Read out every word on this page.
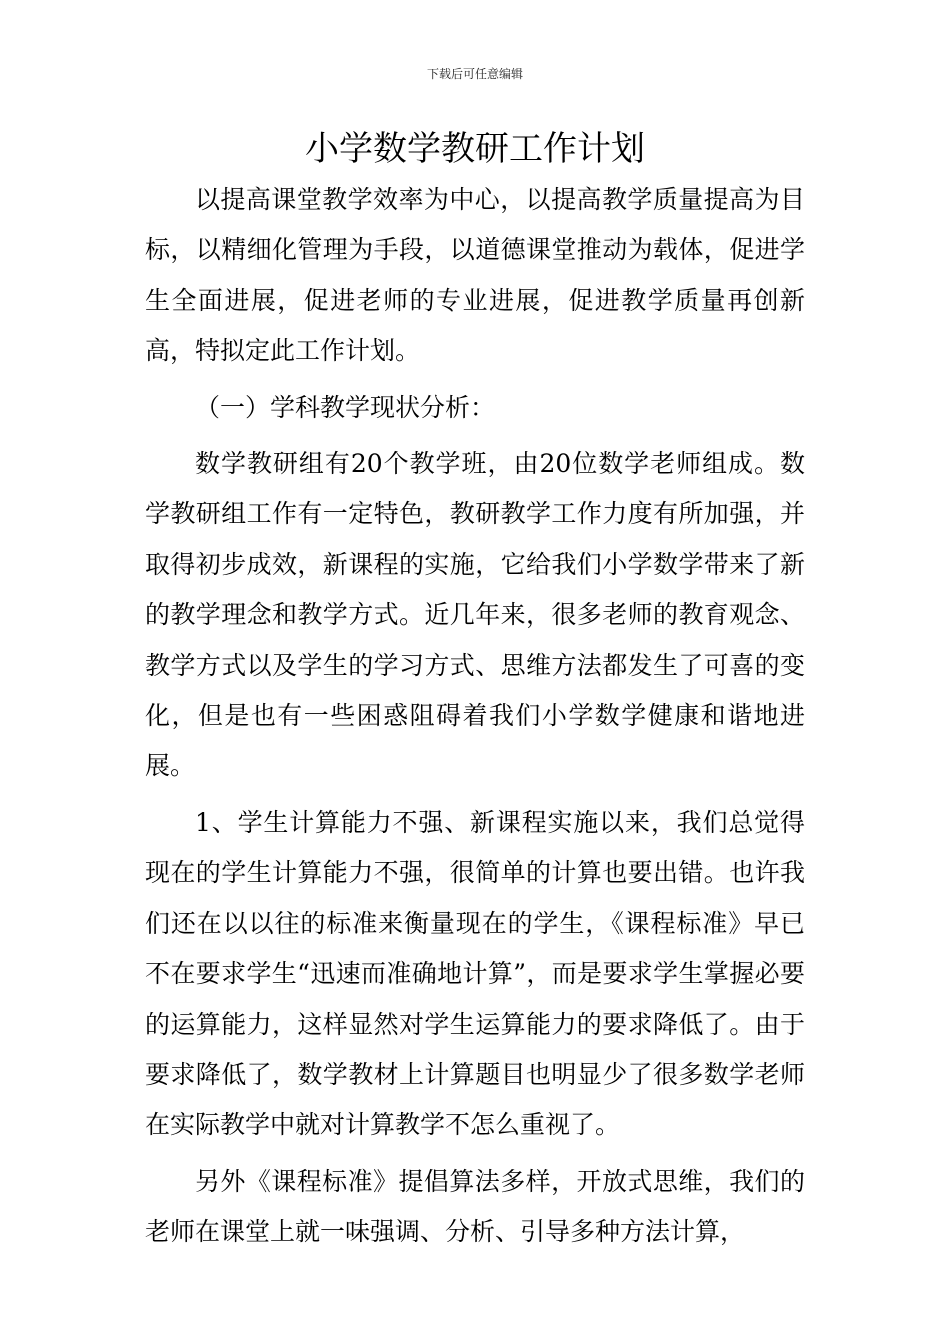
下载后可任意编辑
小学数学教研工作计划

以提高课堂教学效率为中心，以提高教学质量提高为目标，以精细化管理为手段，以道德课堂推动为载体，促进学生全面进展，促进老师的专业进展，促进教学质量再创新高，特拟定此工作计划。

（一）学科教学现状分析：

数学教研组有20个教学班，由20位数学老师组成。数学教研组工作有一定特色，教研教学工作力度有所加强，并取得初步成效，新课程的实施，它给我们小学数学带来了新的教学理念和教学方式。近几年来，很多老师的教育观念、教学方式以及学生的学习方式、思维方法都发生了可喜的变化，但是也有一些困惑阻碍着我们小学数学健康和谐地进展。

1、学生计算能力不强、新课程实施以来，我们总觉得现在的学生计算能力不强，很简单的计算也要出错。也许我们还在以以往的标准来衡量现在的学生，《课程标准》早已不在要求学生“迅速而准确地计算”，而是要求学生掌握必要的运算能力，这样显然对学生运算能力的要求降低了。由于要求降低了，数学教材上计算题目也明显少了很多数学老师在实际教学中就对计算教学不怎么重视了。

另外《课程标准》提倡算法多样，开放式思维，我们的老师在课堂上就一味强调、分析、引导多种方法计算，
